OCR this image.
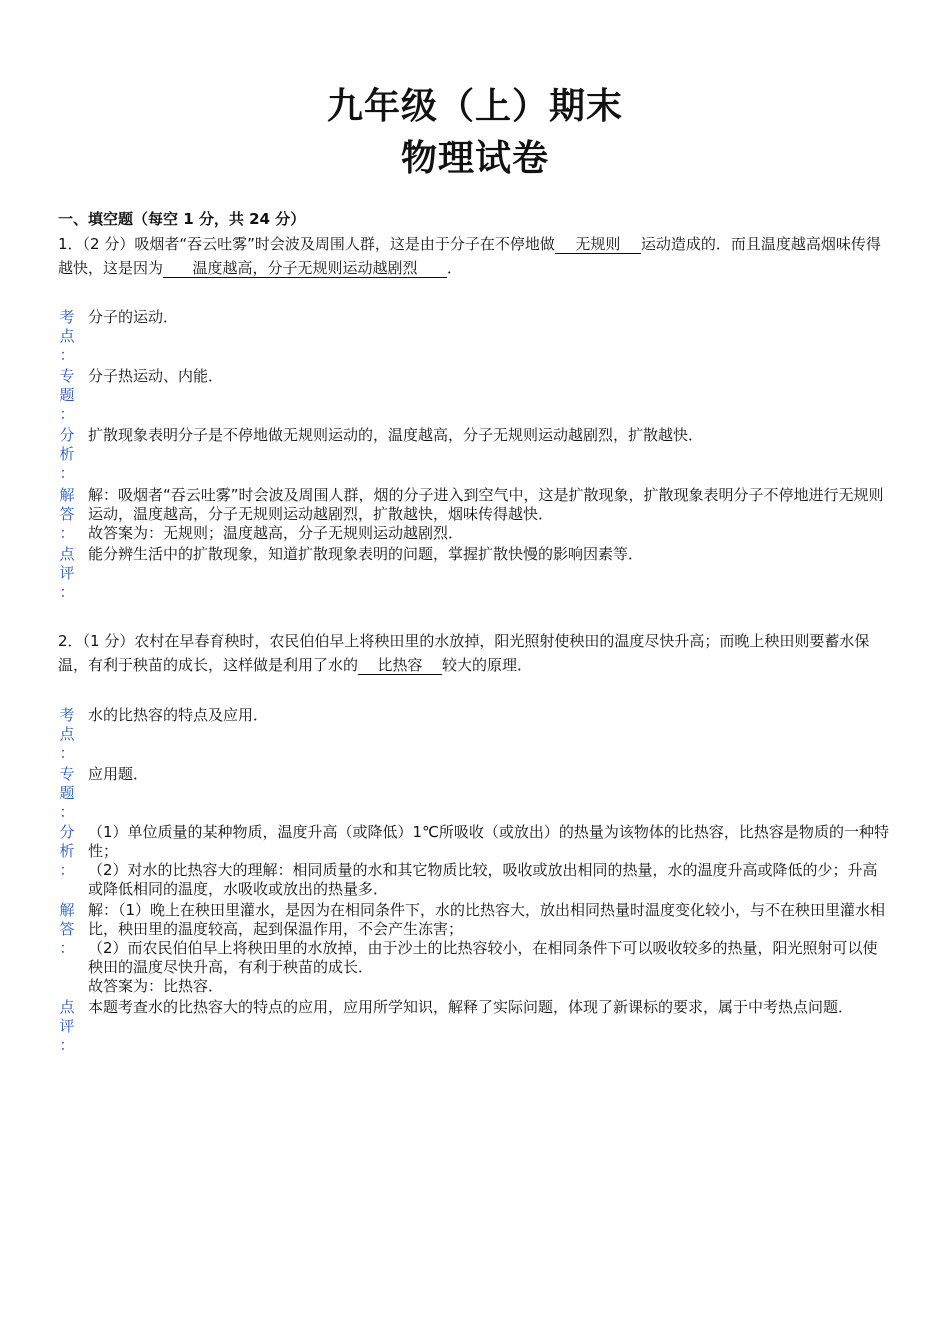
九年级（上）期末
物理试卷
一、填空题（每空 1 分，共 24 分）
1．（2 分）吸烟者“吞云吐雾”时会波及周围人群，这是由于分子在不停地做 无规则 运动造成的．而且温度越高烟味传得越快，这是因为 温度越高，分子无规则运动越剧烈 ．
考
点
：
分子的运动．
专
题
：
分子热运动、内能．
分
析
：
扩散现象表明分子是不停地做无规则运动的，温度越高，分子无规则运动越剧烈，扩散越快．
解
答
：

解：吸烟者“吞云吐雾”时会波及周围人群，烟的分子进入到空气中，这是扩散现象，扩散现象表明分子不停地进行无规则运动，温度越高，分子无规则运动越剧烈，扩散越快，烟味传得越快．

故答案为：无规则；温度越高，分子无规则运动越剧烈．

点
评
：
能分辨生活中的扩散现象，知道扩散现象表明的问题，掌握扩散快慢的影响因素等．
2．（1 分）农村在早春育秧时，农民伯伯早上将秧田里的水放掉，阳光照射使秧田的温度尽快升高；而晚上秧田则要蓄水保温，有利于秧苗的成长，这样做是利用了水的 比热容 较大的原理．
考
点
：
水的比热容的特点及应用．
专
题
：
应用题．
分
析
：

（1）单位质量的某种物质，温度升高（或降低）1℃所吸收（或放出）的热量为该物体的比热容，比热容是物质的一种特性；

（2）对水的比热容大的理解：相同质量的水和其它物质比较，吸收或放出相同的热量，水的温度升高或降低的少；升高或降低相同的温度，水吸收或放出的热量多．

解
答
：

解：（1）晚上在秧田里灌水，是因为在相同条件下，水的比热容大，放出相同热量时温度变化较小，与不在秧田里灌水相比，秧田里的温度较高，起到保温作用，不会产生冻害；

（2）而农民伯伯早上将秧田里的水放掉，由于沙土的比热容较小，在相同条件下可以吸收较多的热量，阳光照射可以使秧田的温度尽快升高，有利于秧苗的成长．

故答案为：比热容．

点
评
：
本题考查水的比热容大的特点的应用，应用所学知识，解释了实际问题，体现了新课标的要求，属于中考热点问题．
